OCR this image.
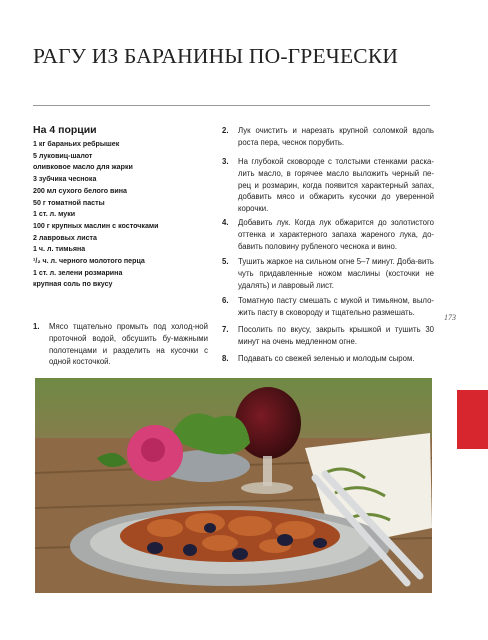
РАГУ ИЗ БАРАНИНЫ ПО-ГРЕЧЕСКИ
На 4 порции
1 кг бараньих ребрышек
5 луковиц-шалот
оливковое масло для жарки
3 зубчика чеснока
200 мл сухого белого вина
50 г томатной пасты
1 ст. л. муки
100 г крупных маслин с косточками
2 лавровых листа
1 ч. л. тимьяна
¹/₂ ч. л. черного молотого перца
1 ст. л. зелени розмарина
крупная соль по вкусу
1.	Мясо тщательно промыть под холод-ной проточной водой, обсушить бу-мажными полотенцами и разделить на кусочки с одной косточкой.
2.	Лук очистить и нарезать крупной соломкой вдоль роста пера, чеснок порубить.
3.	На глубокой сковороде с толстыми стенками раска-лить масло, в горячее масло выложить черный пе-рец и розмарин, когда появится характерный запах, добавить мясо и обжарить кусочки до уверенной корочки.
4.	Добавить лук. Когда лук обжарится до золотистого оттенка и характерного запаха жареного лука, до-бавить половину рубленого чеснока и вино.
5.	Тушить жаркое на сильном огне 5–7 минут. Доба-вить чуть придавленные ножом маслины (косточки не удалять) и лавровый лист.
6.	Томатную пасту смешать с мукой и тимьяном, выло-жить пасту в сковороду и тщательно размешать.
7.	Посолить по вкусу, закрыть крышкой и тушить 30 минут на очень медленном огне.
8.	Подавать со свежей зеленью и молодым сыром.
173
